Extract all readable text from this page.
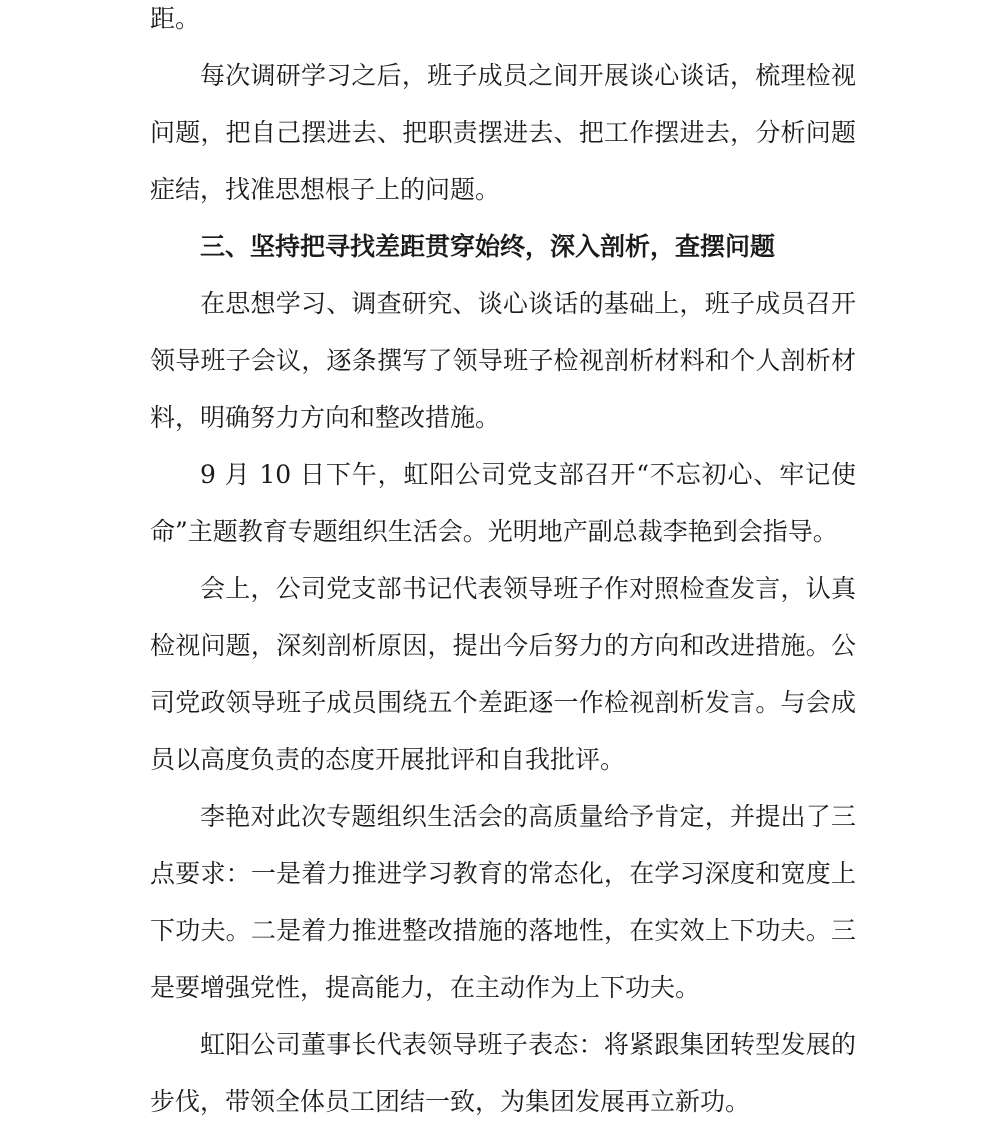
距。

每次调研学习之后，班子成员之间开展谈心谈话，梳理检视问题，把自己摆进去、把职责摆进去、把工作摆进去，分析问题症结，找准思想根子上的问题。

三、坚持把寻找差距贯穿始终，深入剖析，查摆问题

在思想学习、调查研究、谈心谈话的基础上，班子成员召开领导班子会议，逐条撰写了领导班子检视剖析材料和个人剖析材料，明确努力方向和整改措施。

9 月 10 日下午，虹阳公司党支部召开“不忘初心、牢记使命”主题教育专题组织生活会。光明地产副总裁李艳到会指导。

会上，公司党支部书记代表领导班子作对照检查发言，认真检视问题，深刻剖析原因，提出今后努力的方向和改进措施。公司党政领导班子成员围绕五个差距逐一作检视剖析发言。与会成员以高度负责的态度开展批评和自我批评。

李艳对此次专题组织生活会的高质量给予肯定，并提出了三点要求：一是着力推进学习教育的常态化，在学习深度和宽度上下功夫。二是着力推进整改措施的落地性，在实效上下功夫。三是要增强党性，提高能力，在主动作为上下功夫。

虹阳公司董事长代表领导班子表态：将紧跟集团转型发展的步伐，带领全体员工团结一致，为集团发展再立新功。
